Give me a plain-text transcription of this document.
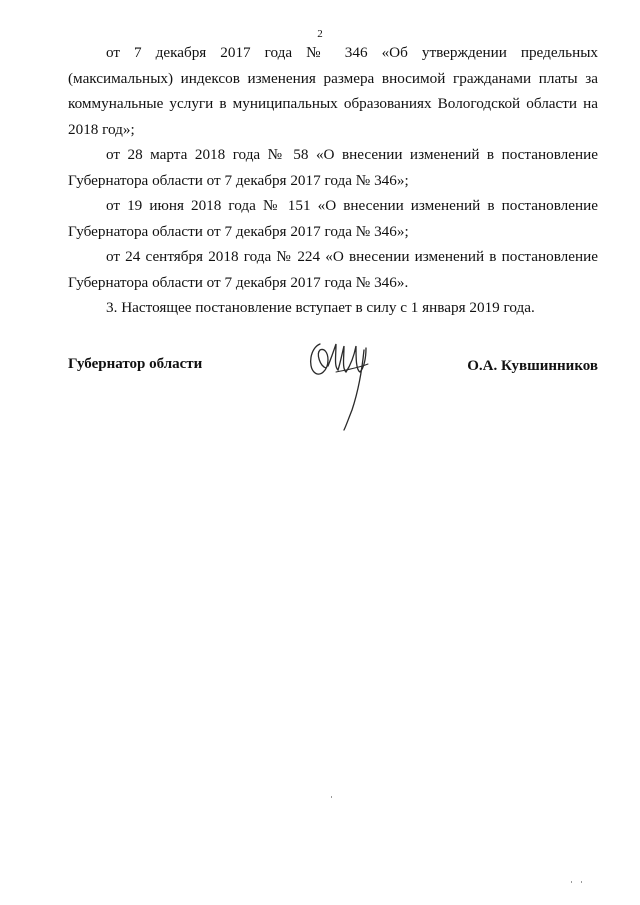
2

от 7 декабря 2017 года № 346 «Об утверждении предельных (максимальных) индексов изменения размера вносимой гражданами платы за коммунальные услуги в муниципальных образованиях Вологодской области на 2018 год»;

от 28 марта 2018 года № 58 «О внесении изменений в постановление Губернатора области от 7 декабря 2017 года № 346»;

от 19 июня 2018 года № 151 «О внесении изменений в постановление Губернатора области от 7 декабря 2017 года № 346»;

от 24 сентября 2018 года № 224 «О внесении изменений в постановление Губернатора области от 7 декабря 2017 года № 346».

3. Настоящее постановление вступает в силу с 1 января 2019 года.

Губернатор области	О.А. Кувшинников
